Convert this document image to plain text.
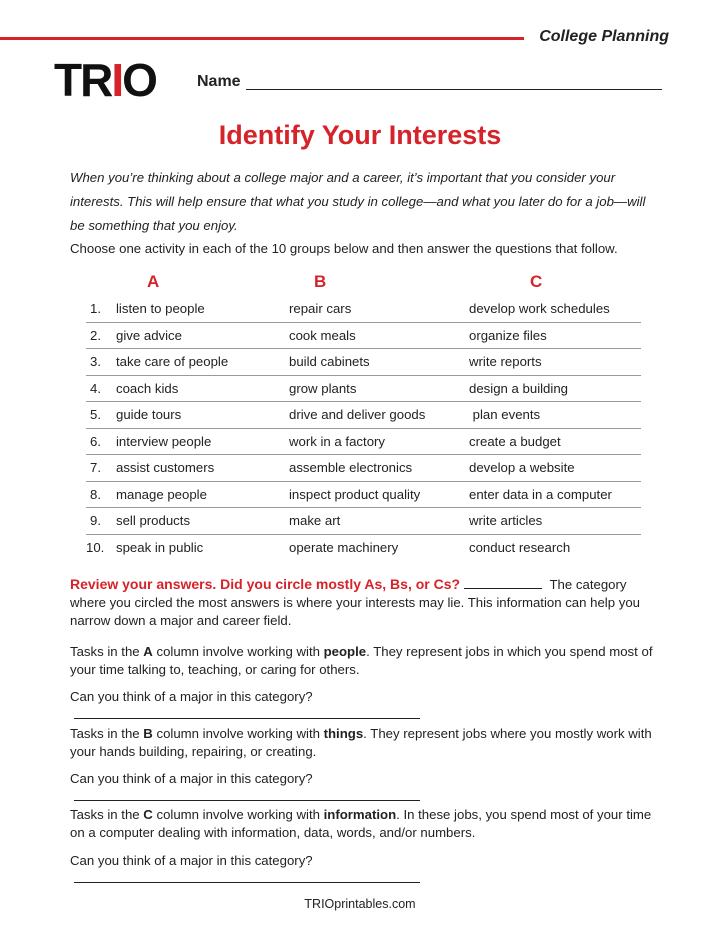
College Planning
TRIO	Name
Identify Your Interests

When you’re thinking about a college major and a career, it’s important that you consider your interests. This will help ensure that what you study in college—and what you later do for a job—will be something that you enjoy.

Choose one activity in each of the 10 groups below and then answer the questions that follow.

A	B	C
1. listen to people	repair cars	develop work schedules
2. give advice	cook meals	organize files
3. take care of people	build cabinets	write reports
4. coach kids	grow plants	design a building
5. guide tours	drive and deliver goods	plan events
6. interview people	work in a factory	create a budget
7. assist customers	assemble electronics	develop a website
8. manage people	inspect product quality	enter data in a computer
9. sell products	make art	write articles
10. speak in public	operate machinery	conduct research

Review your answers. Did you circle mostly As, Bs, or Cs?	The category where you circled the most answers is where your interests may lie. This information can help you narrow down a major and career field.

Tasks in the A column involve working with people. They represent jobs in which you spend most of your time talking to, teaching, or caring for others.

Can you think of a major in this category?

Tasks in the B column involve working with things. They represent jobs where you mostly work with your hands building, repairing, or creating.

Can you think of a major in this category?

Tasks in the C column involve working with information. In these jobs, you spend most of your time on a computer dealing with information, data, words, and/or numbers.

Can you think of a major in this category?

TRIOprintables.com
